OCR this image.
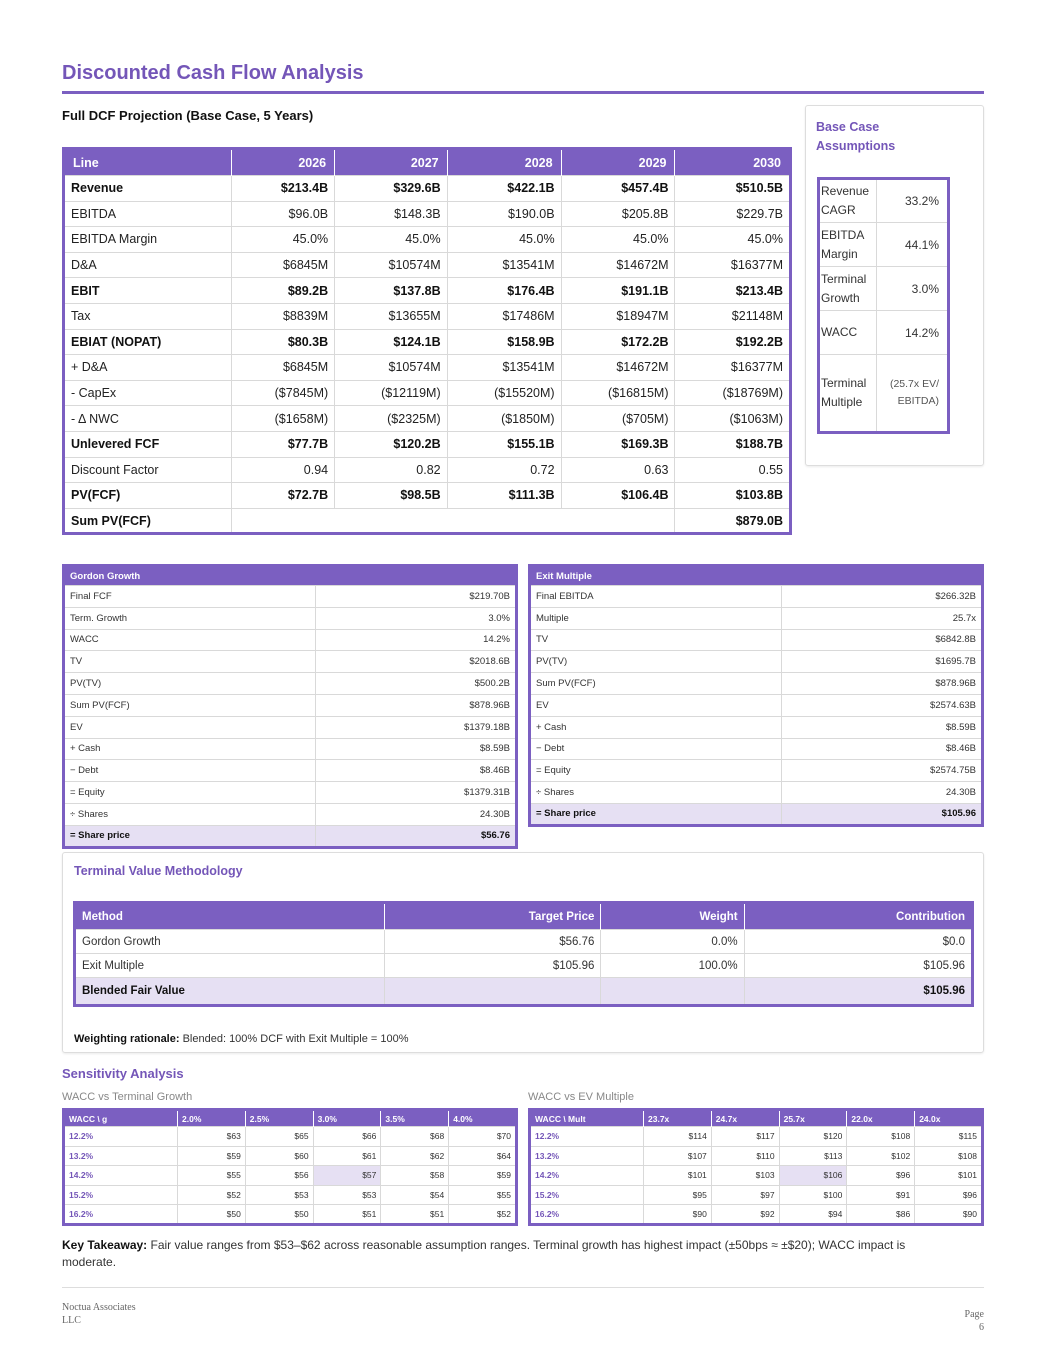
Discounted Cash Flow Analysis
Full DCF Projection (Base Case, 5 Years)
Line	2026	2027	2028	2029	2030
Revenue	$213.4B	$329.6B	$422.1B	$457.4B	$510.5B
EBITDA	$96.0B	$148.3B	$190.0B	$205.8B	$229.7B
EBITDA Margin	45.0%	45.0%	45.0%	45.0%	45.0%
D&A	$6845M	$10574M	$13541M	$14672M	$16377M
EBIT	$89.2B	$137.8B	$176.4B	$191.1B	$213.4B
Tax	$8839M	$13655M	$17486M	$18947M	$21148M
EBIAT (NOPAT)	$80.3B	$124.1B	$158.9B	$172.2B	$192.2B
+ D&A	$6845M	$10574M	$13541M	$14672M	$16377M
- CapEx	($7845M)	($12119M)	($15520M)	($16815M)	($18769M)
- Δ NWC	($1658M)	($2325M)	($1850M)	($705M)	($1063M)
Unlevered FCF	$77.7B	$120.2B	$155.1B	$169.3B	$188.7B
Discount Factor	0.94	0.82	0.72	0.63	0.55
PV(FCF)	$72.7B	$98.5B	$111.3B	$106.4B	$103.8B
Sum PV(FCF)					$879.0B
Base Case Assumptions
Revenue CAGR	33.2%
EBITDA Margin	44.1%
Terminal Growth	3.0%
WACC	14.2%
Terminal Multiple	(25.7x EV/ EBITDA)
Gordon Growth	
Final FCF	$219.70B
Term. Growth	3.0%
WACC	14.2%
TV	$2018.6B
PV(TV)	$500.2B
Sum PV(FCF)	$878.96B
EV	$1379.18B
+ Cash	$8.59B
− Debt	$8.46B
= Equity	$1379.31B
÷ Shares	24.30B
= Share price	$56.76
Exit Multiple	
Final EBITDA	$266.32B
Multiple	25.7x
TV	$6842.8B
PV(TV)	$1695.7B
Sum PV(FCF)	$878.96B
EV	$2574.63B
+ Cash	$8.59B
− Debt	$8.46B
= Equity	$2574.75B
÷ Shares	24.30B
= Share price	$105.96
Terminal Value Methodology
Method	Target Price	Weight	Contribution
Gordon Growth	$56.76	0.0%	$0.0
Exit Multiple	$105.96	100.0%	$105.96
Blended Fair Value			$105.96
Weighting rationale: Blended: 100% DCF with Exit Multiple = 100%
Sensitivity Analysis
WACC vs Terminal Growth	WACC vs EV Multiple
WACC \ g	2.0%	2.5%	3.0%	3.5%	4.0%
12.2%	$63	$65	$66	$68	$70
13.2%	$59	$60	$61	$62	$64
14.2%	$55	$56	$57	$58	$59
15.2%	$52	$53	$53	$54	$55
16.2%	$50	$50	$51	$51	$52
WACC \ Mult	23.7x	24.7x	25.7x	22.0x	24.0x
12.2%	$114	$117	$120	$108	$115
13.2%	$107	$110	$113	$102	$108
14.2%	$101	$103	$106	$96	$101
15.2%	$95	$97	$100	$91	$96
16.2%	$90	$92	$94	$86	$90
Key Takeaway: Fair value ranges from $53–$62 across reasonable assumption ranges. Terminal growth has highest impact (±50bps ≈ ±$20); WACC impact is moderate.
Noctua Associates LLC
Page
6
